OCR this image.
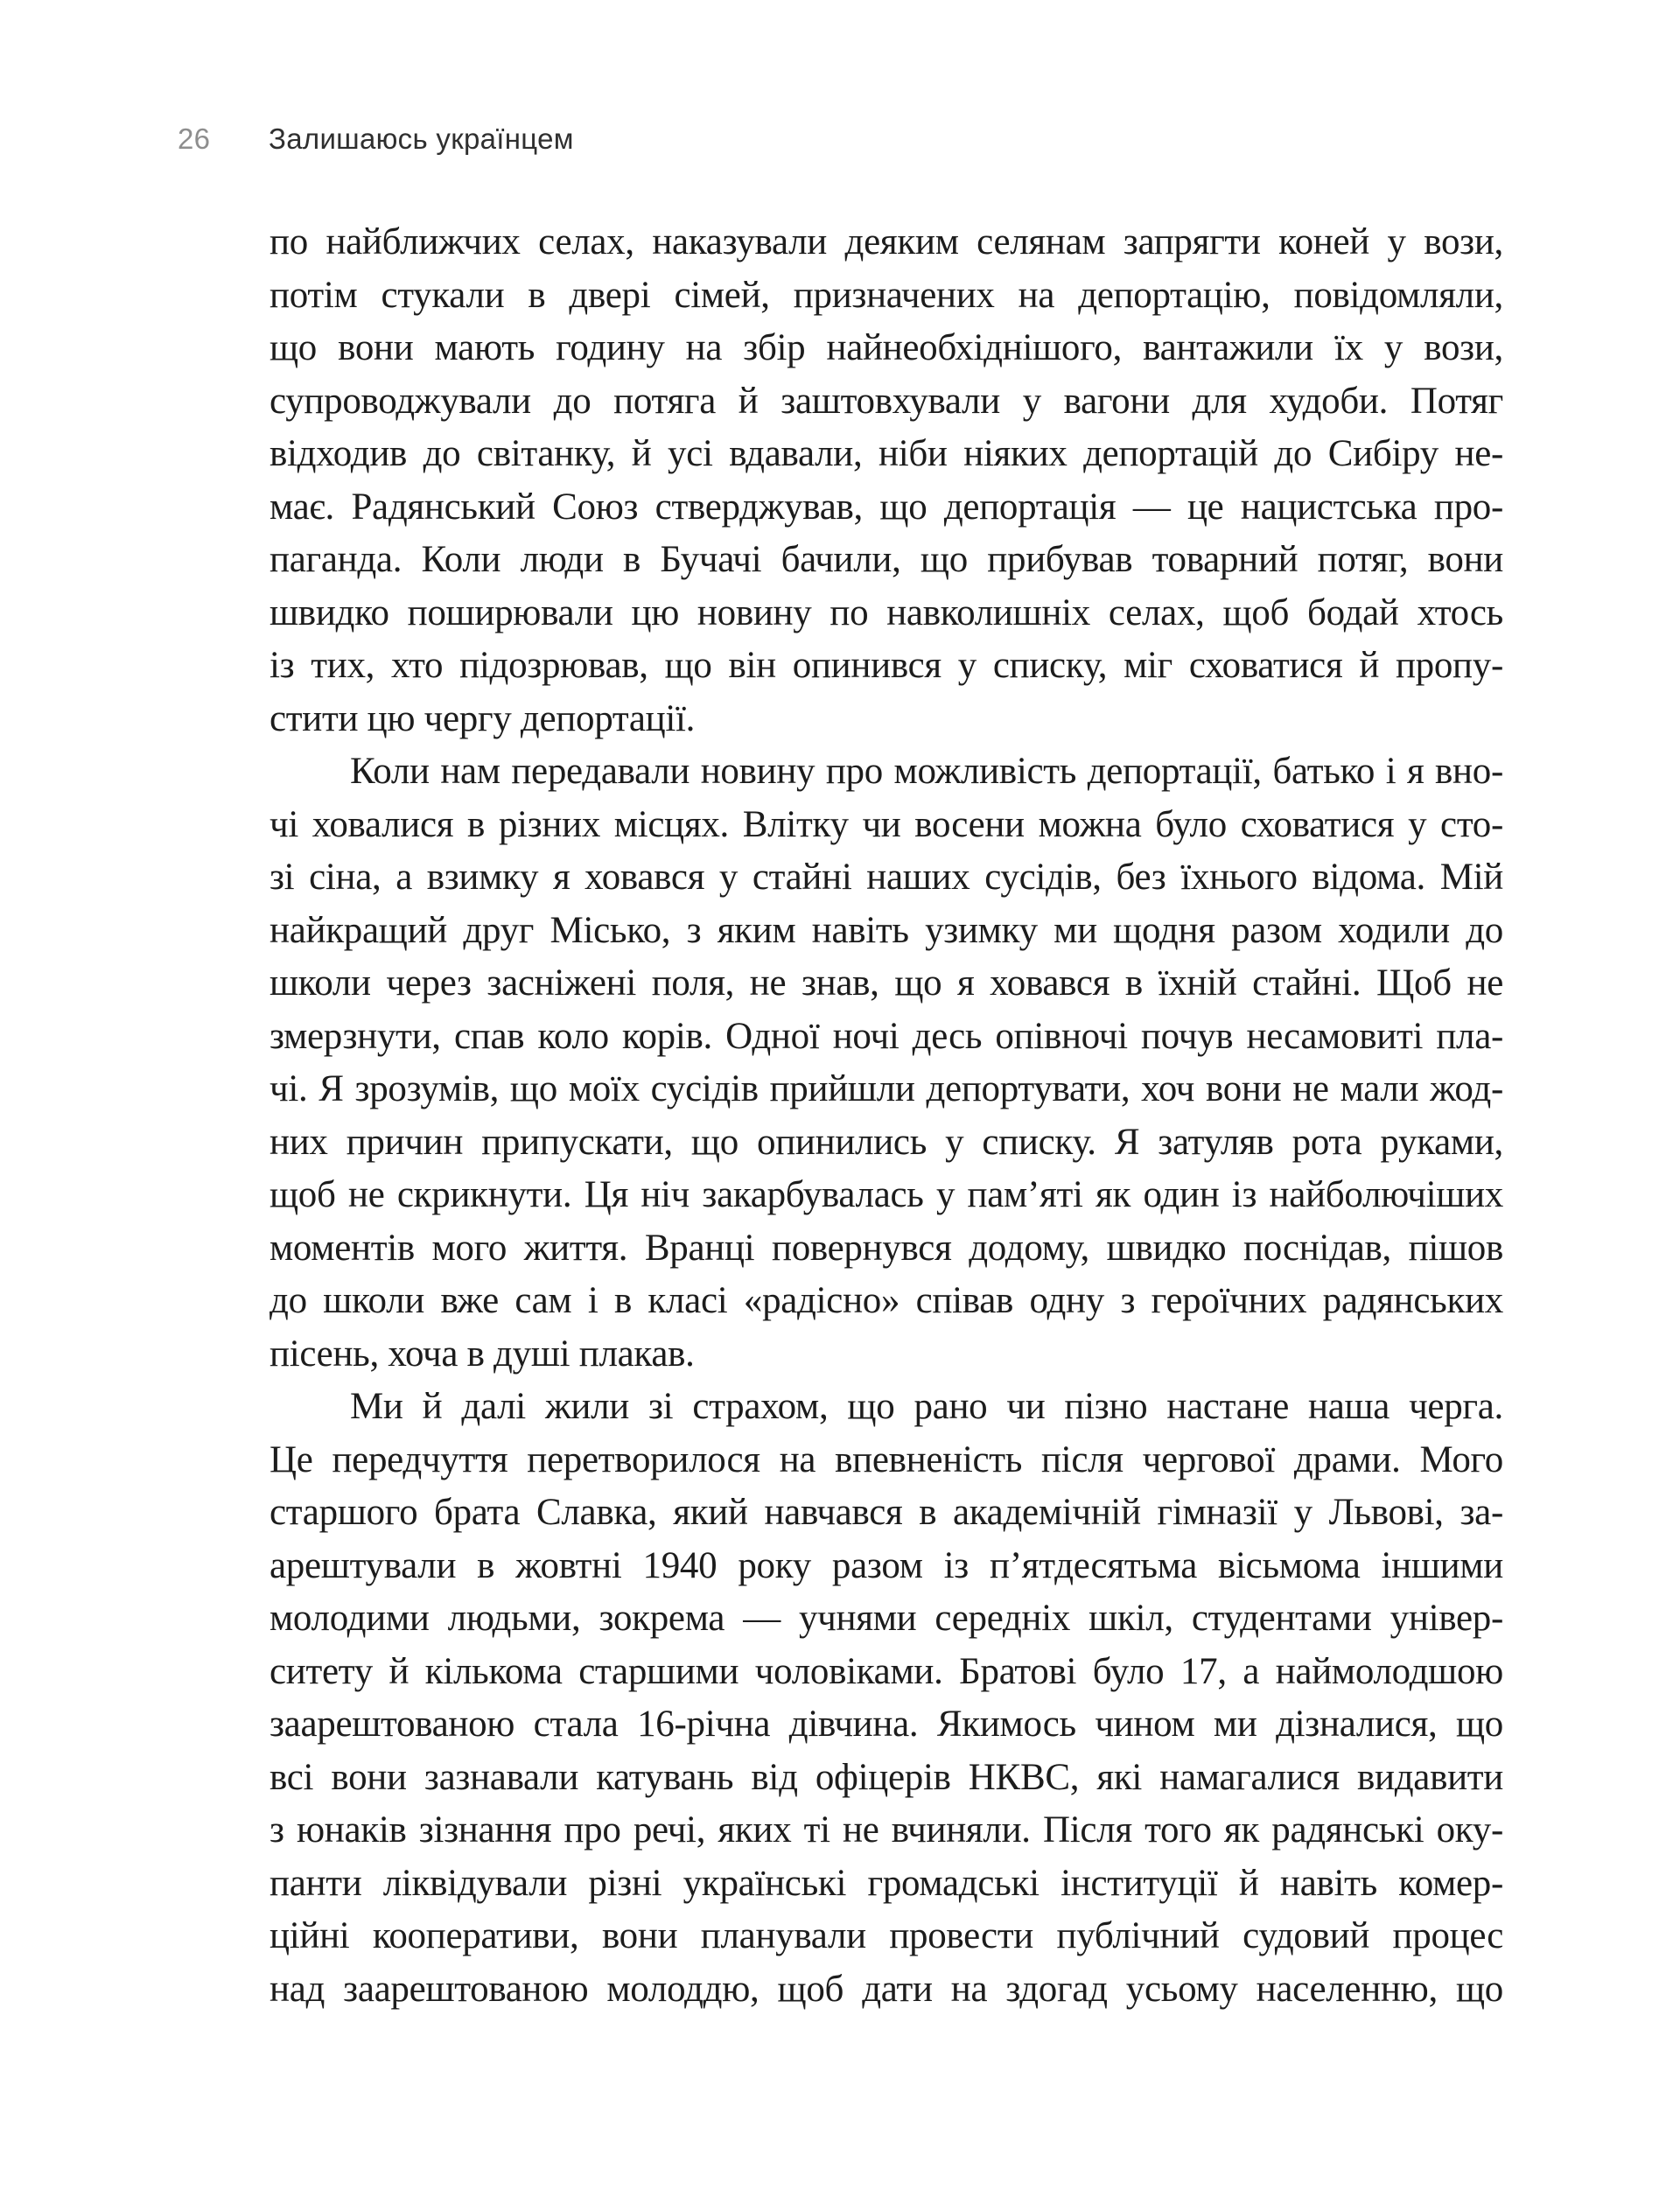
26 Залишаюсь українцем
по найближчих селах, наказували деяким селянам запрягти коней у вози,
потім стукали в двері сімей, призначених на депортацію, повідомляли,
що вони мають годину на збір найнеобхіднішого, вантажили їх у вози,
супроводжували до потяга й заштовхували у вагони для худоби. Потяг
відходив до світанку, й усі вдавали, ніби ніяких депортацій до Сибіру не-
має. Радянський Союз стверджував, що депортація — це нацистська про-
паганда. Коли люди в Бучачі бачили, що прибував товарний потяг, вони
швидко поширювали цю новину по навколишніх селах, щоб бодай хтось
із тих, хто підозрював, що він опинився у списку, міг сховатися й пропу-
стити цю чергу депортації.
Коли нам передавали новину про можливість депортації, батько і я вно-
чі ховалися в різних місцях. Влітку чи восени можна було сховатися у сто-
зі сіна, а взимку я ховався у стайні наших сусідів, без їхнього відома. Мій
найкращий друг Місько, з яким навіть узимку ми щодня разом ходили до
школи через засніжені поля, не знав, що я ховався в їхній стайні. Щоб не
змерзнути, спав коло корів. Одної ночі десь опівночі почув несамовиті пла-
чі. Я зрозумів, що моїх сусідів прийшли депортувати, хоч вони не мали жод-
них причин припускати, що опинились у списку. Я затуляв рота руками,
щоб не скрикнути. Ця ніч закарбувалась у пам’яті як один із найболючіших
моментів мого життя. Вранці повернувся додому, швидко поснідав, пішов
до школи вже сам і в класі «радісно» співав одну з героїчних радянських
пісень, хоча в душі плакав.
Ми й далі жили зі страхом, що рано чи пізно настане наша черга.
Це передчуття перетворилося на впевненість після чергової драми. Мого
старшого брата Славка, який навчався в академічній гімназії у Львові, за-
арештували в жовтні 1940 року разом із п’ятдесятьма вісьмома іншими
молодими людьми, зокрема — учнями середніх шкіл, студентами універ-
ситету й кількома старшими чоловіками. Братові було 17, а наймолодшою
заарештованою стала 16-річна дівчина. Якимось чином ми дізналися, що
всі вони зазнавали катувань від офіцерів НКВС, які намагалися видавити
з юнаків зізнання про речі, яких ті не вчиняли. Після того як радянські оку-
панти ліквідували різні українські громадські інституції й навіть комер-
ційні кооперативи, вони планували провести публічний судовий процес
над заарештованою молоддю, щоб дати на здогад усьому населенню, що
